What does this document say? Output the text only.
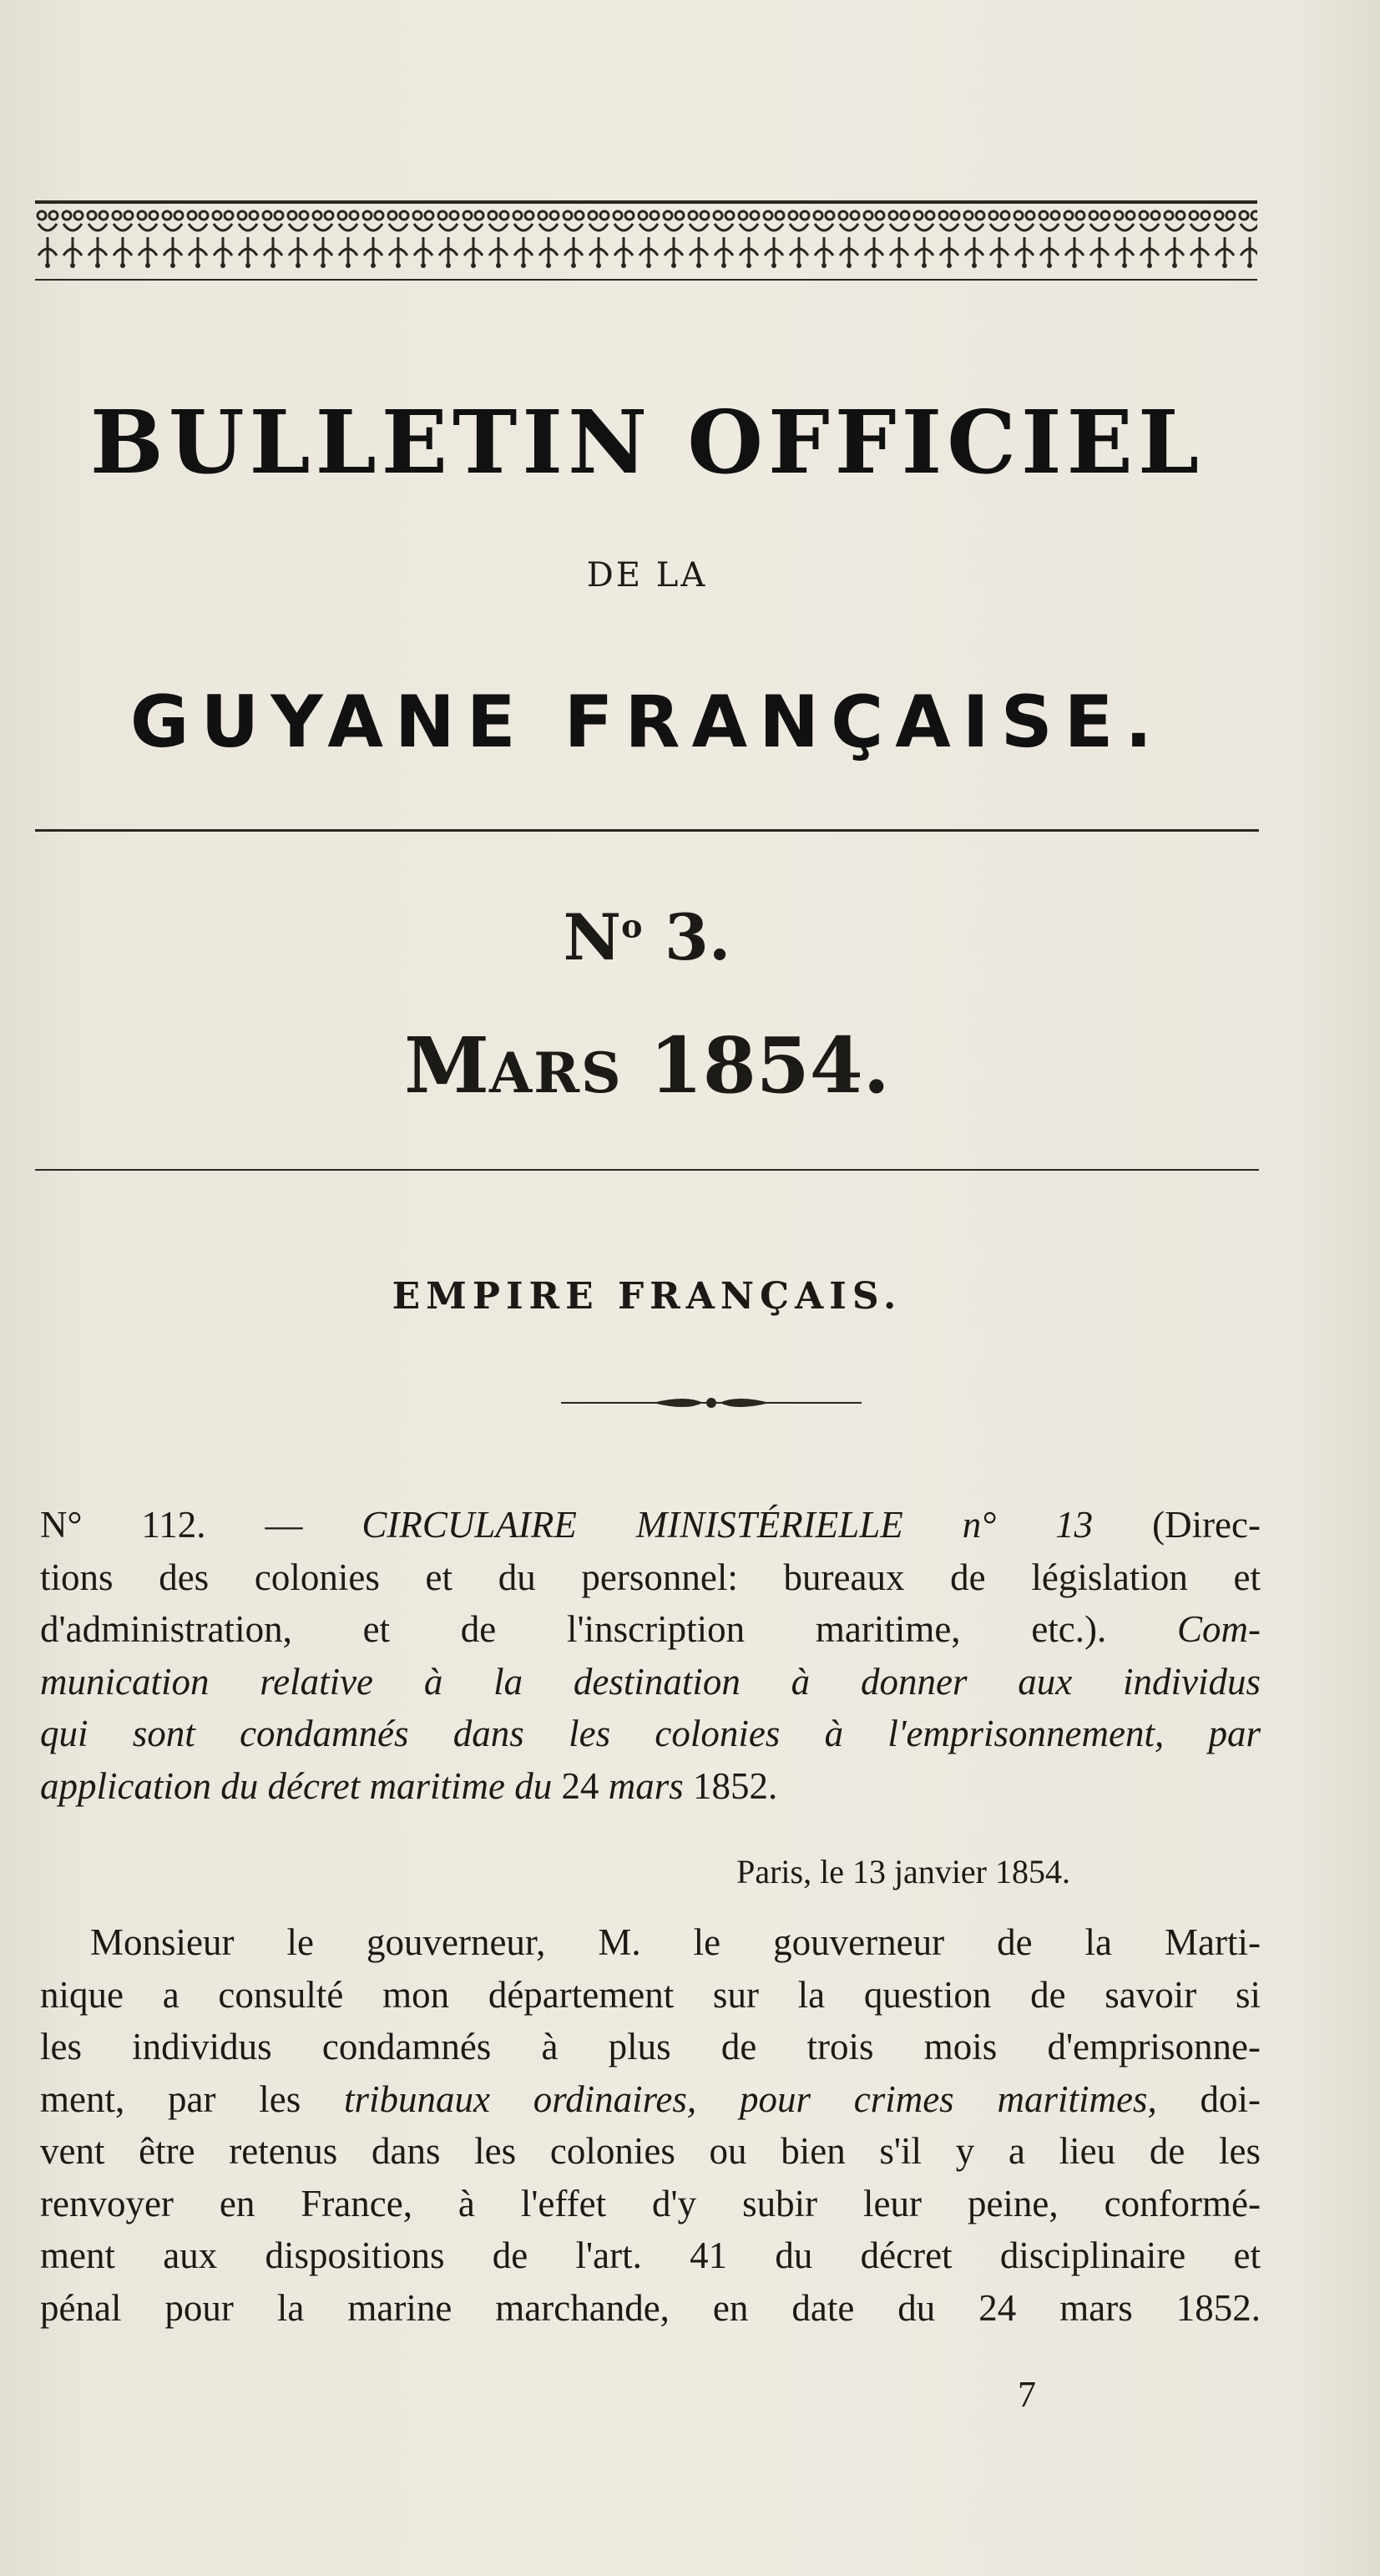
BULLETIN OFFICIEL
DE LA
GUYANE FRANÇAISE.
$N^o$ 3.
MARS 1854.
EMPIRE FRANÇAIS.
N° 112. — CIRCULAIRE MINISTÉRIELLE n° 13 (Direc-
tions des colonies et du personnel: bureaux de législation et
d'administration, et de l'inscription maritime, etc.). Com-
munication relative à la destination à donner aux individus
qui sont condamnés dans les colonies à l'emprisonnement, par
application du décret maritime du 24 mars 1852.
Paris, le 13 janvier 1854.
Monsieur le gouverneur, M. le gouverneur de la Marti-
nique a consulté mon département sur la question de savoir si
les individus condamnés à plus de trois mois d'emprisonne-
ment, par les tribunaux ordinaires, pour crimes maritimes, doi-
vent être retenus dans les colonies ou bien s'il y a lieu de les
renvoyer en France, à l'effet d'y subir leur peine, conformé-
ment aux dispositions de l'art. 41 du décret disciplinaire et
pénal pour la marine marchande, en date du 24 mars 1852.
7
